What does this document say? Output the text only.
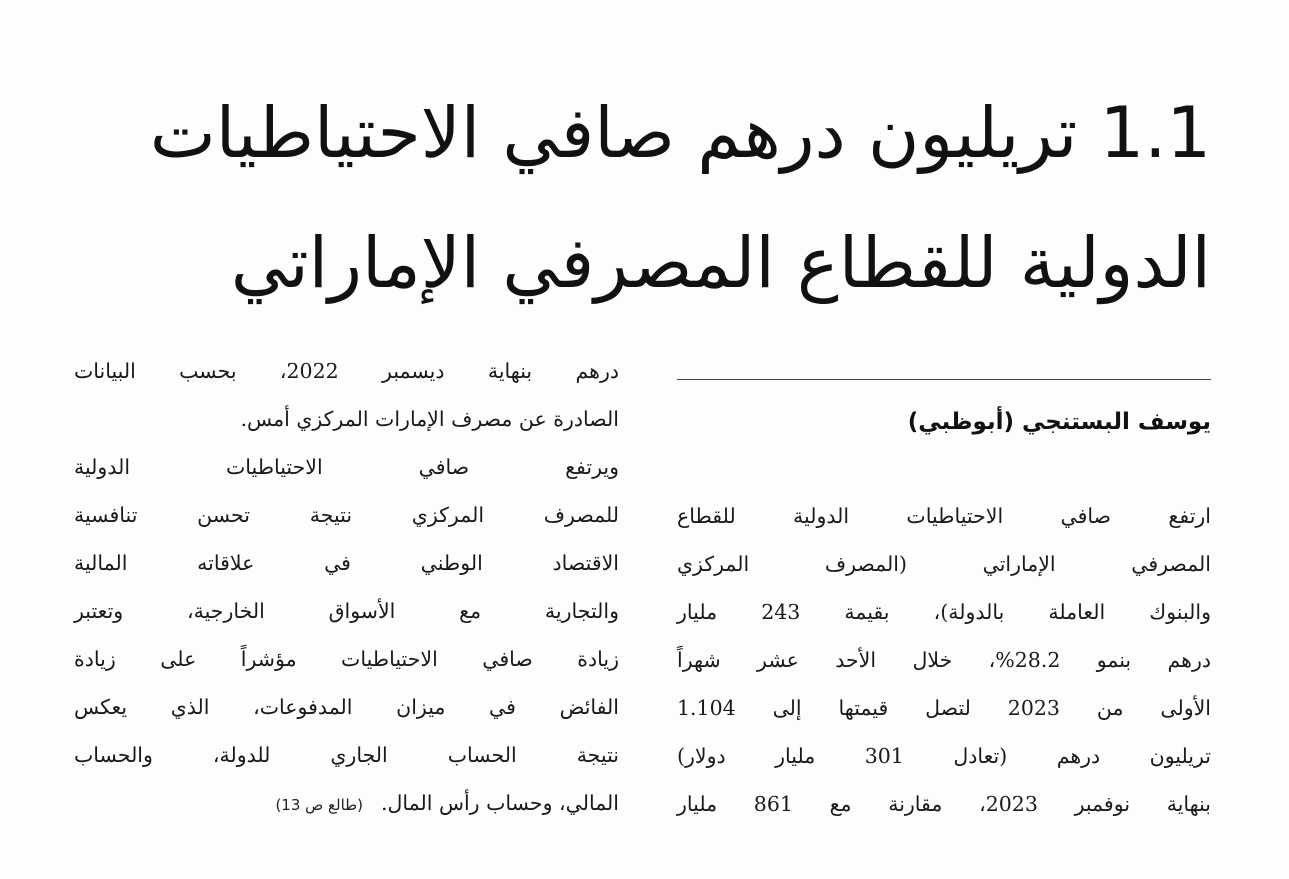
1.1 تريليون درهم صافي الاحتياطيات
الدولية للقطاع المصرفي الإماراتي
يوسف البستنجي (أبوظبي)
ارتفع صافي الاحتياطيات الدولية للقطاع
المصرفي الإماراتي (المصرف المركزي
والبنوك العاملة بالدولة)، بقيمة 243 مليار
درهم بنمو 28.2%، خلال الأحد عشر شهراً
الأولى من 2023 لتصل قيمتها إلى 1.104
تريليون درهم (تعادل 301 مليار دولار)
بنهاية نوفمبر 2023، مقارنة مع 861 مليار
درهم بنهاية ديسمبر 2022، بحسب البيانات
الصادرة عن مصرف الإمارات المركزي أمس.
ويرتفع صافي الاحتياطيات الدولية
للمصرف المركزي نتيجة تحسن تنافسية
الاقتصاد الوطني في علاقاته المالية
والتجارية مع الأسواق الخارجية، وتعتبر
زيادة صافي الاحتياطيات مؤشراً على زيادة
الفائض في ميزان المدفوعات، الذي يعكس
نتيجة الحساب الجاري للدولة، والحساب
المالي، وحساب رأس المال.(طالع ص 13)
